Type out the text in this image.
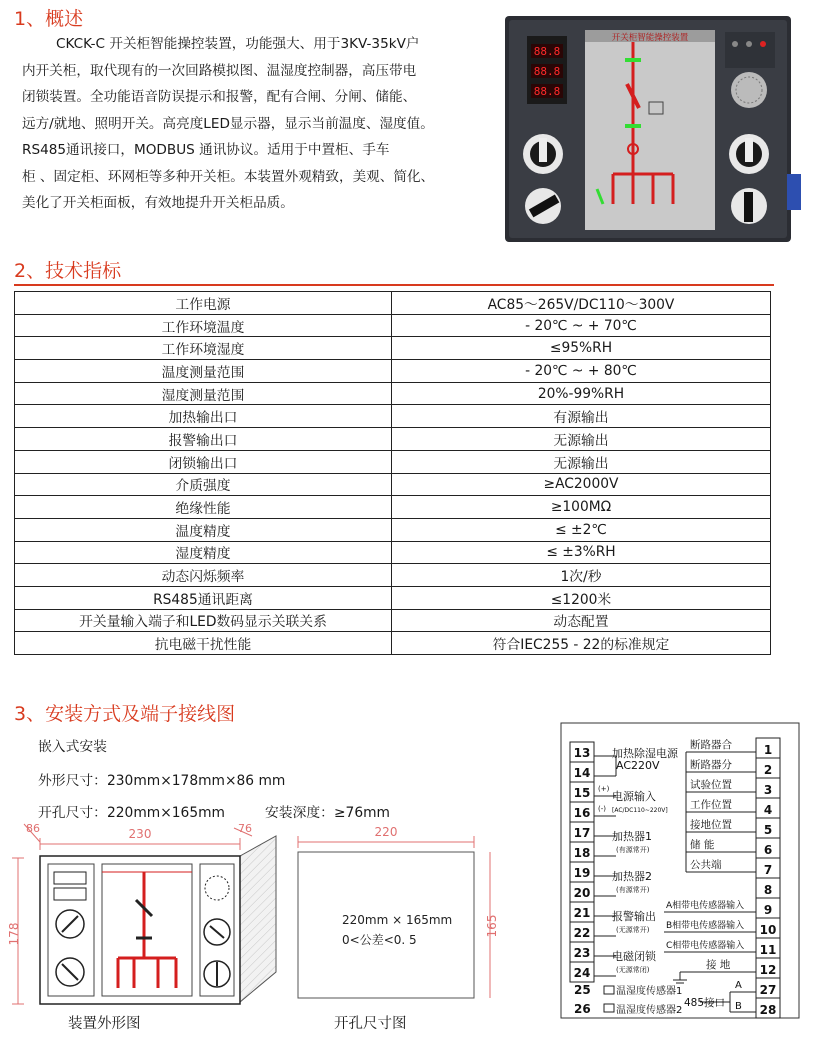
1、概述
CKCK-C 开关柜智能操控装置，功能强大、用于3KV-35kV户
内开关柜，取代现有的一次回路模拟图、温湿度控制器，高压带电
闭锁装置。全功能语音防误提示和报警，配有合闸、分闸、储能、
远方/就地、照明开关。高亮度LED显示器，显示当前温度、湿度值。
RS485通讯接口，MODBUS 通讯协议。适用于中置柜、手车
柜 、固定柜、环网柜等多种开关柜。本装置外观精致，美观、简化、
美化了开关柜面板，有效地提升开关柜品质。
88.8
88.8
88.8
开关柜智能操控装置
2、技术指标
工作电源	AC85～265V/DC110～300V
工作环境温度	- 20℃ ~ + 70℃
工作环境湿度	≤95%RH
温度测量范围	- 20℃ ~ + 80℃
湿度测量范围	20%-99%RH
加热输出口	有源输出
报警输出口	无源输出
闭锁输出口	无源输出
介质强度	≥AC2000V
绝缘性能	≥100MΩ
温度精度	≤ ±2℃
湿度精度	≤ ±3%RH
动态闪烁频率	1次/秒
RS485通讯距离	≤1200米
开关量输入端子和LED数码显示关联关系	动态配置
抗电磁干扰性能	符合IEC255 - 22的标准规定
3、安装方式及端子接线图
嵌入式安装
外形尺寸：230mm×178mm×86 mm
开孔尺寸：220mm×165mm	安装深度：≥76mm
230
178
86	76	220
165
220mm × 165mm
0<公差<0. 5
装置外形图	开孔尺寸图
13
14
15
16
17
18
19
20
21
22
23
24
1
2
3
4
5
6
7
8
9
10
11
12
27
28
加热除湿电源
AC220V
(+)
电源输入
(-) [AC/DC110~220V]
加热器1
(有源常开)
加热器2
(有源常开)
报警输出
(无源常开)
电磁闭锁
(无源常闭)
断路器合
断路器分
试验位置
工作位置
接地位置
储 能
公共端
A相带电传感器输入
B相带电传感器输入
C相带电传感器输入
接 地
25	温湿度传感器1
26	温湿度传感器2
485接口
A
B
